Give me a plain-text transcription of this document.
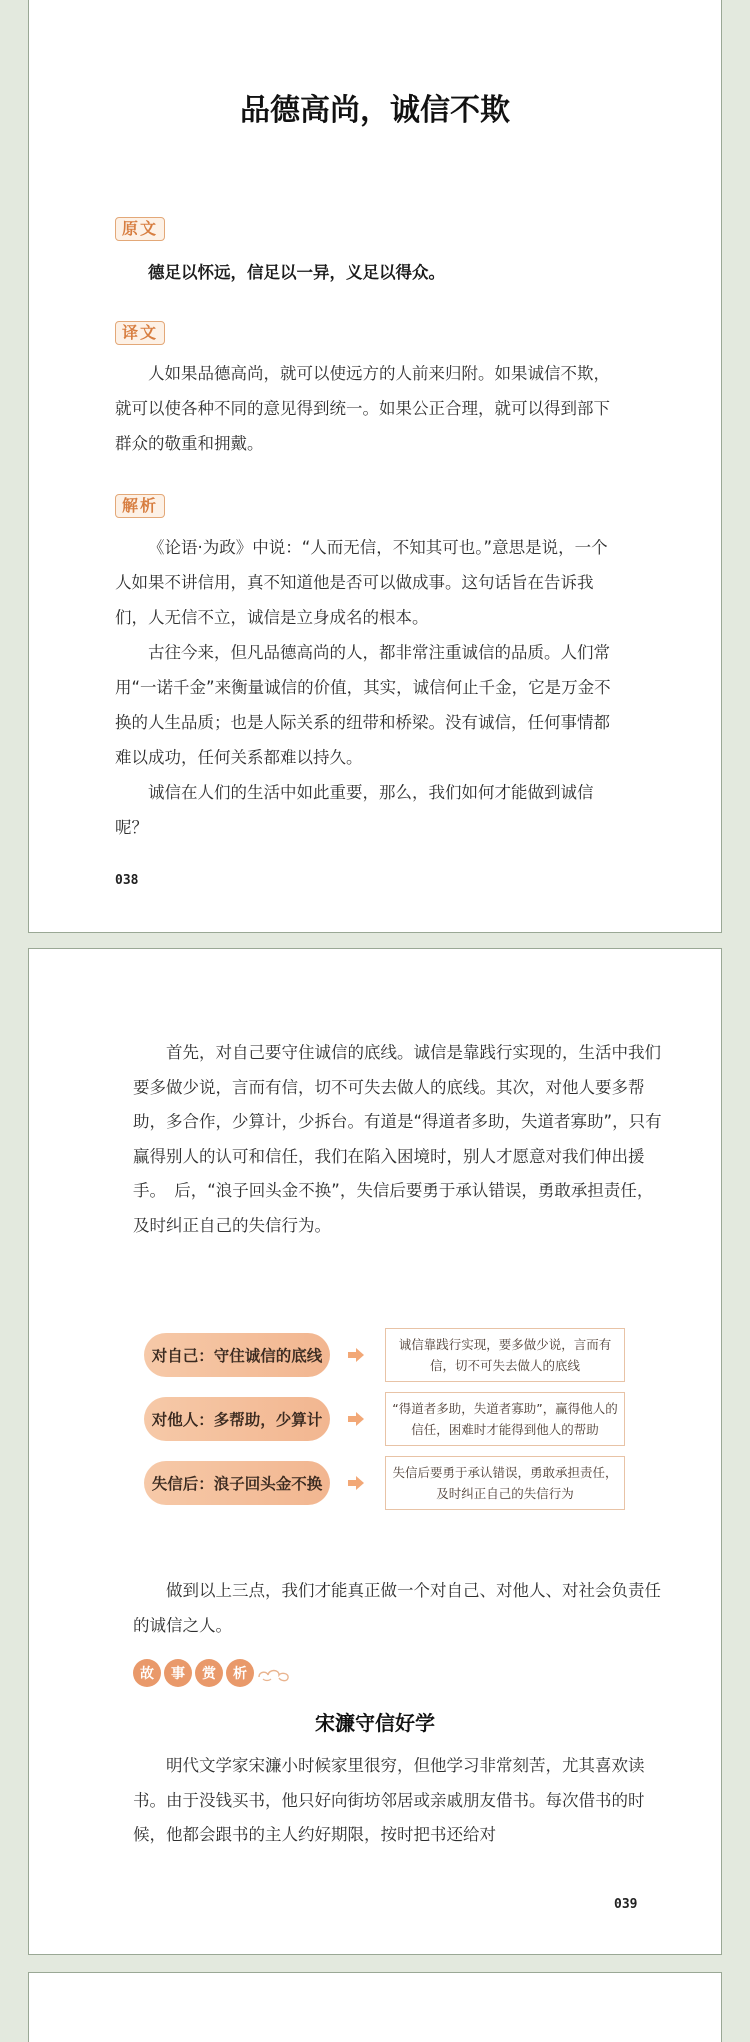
品德高尚，诚信不欺
原文

德足以怀远，信足以一异，义足以得众。

译文

人如果品德高尚，就可以使远方的人前来归附。如果诚信不欺，就可以使各种不同的意见得到统一。如果公正合理，就可以得到部下群众的敬重和拥戴。

解析

《论语·为政》中说：“人而无信，不知其可也。”意思是说，一个人如果不讲信用，真不知道他是否可以做成事。这句话旨在告诉我们，人无信不立，诚信是立身成名的根本。

古往今来，但凡品德高尚的人，都非常注重诚信的品质。人们常用“一诺千金”来衡量诚信的价值，其实，诚信何止千金，它是万金不换的人生品质；也是人际关系的纽带和桥梁。没有诚信，任何事情都难以成功，任何关系都难以持久。

诚信在人们的生活中如此重要，那么，我们如何才能做到诚信呢？

038

首先，对自己要守住诚信的底线。诚信是靠践行实现的，生活中我们要多做少说，言而有信，切不可失去做人的底线。其次，对他人要多帮助，多合作，少算计，少拆台。有道是“得道者多助，失道者寡助”，只有赢得别人的认可和信任，我们在陷入困境时，别人才愿意对我们伸出援手。　后，“浪子回头金不换”，失信后要勇于承认错误，勇敢承担责任，及时纠正自己的失信行为。

对自己：守住诚信的底线
诚信靠践行实现，要多做少说，言而有信，切不可失去做人的底线
对他人：多帮助，少算计
“得道者多助，失道者寡助”，赢得他人的信任，困难时才能得到他人的帮助
失信后：浪子回头金不换
失信后要勇于承认错误，勇敢承担责任，及时纠正自己的失信行为

做到以上三点，我们才能真正做一个对自己、对他人、对社会负责任的诚信之人。

故	事	赏	析
宋濂守信好学

明代文学家宋濂小时候家里很穷，但他学习非常刻苦，尤其喜欢读书。由于没钱买书，他只好向街坊邻居或亲戚朋友借书。每次借书的时候，他都会跟书的主人约好期限，按时把书还给对

039
